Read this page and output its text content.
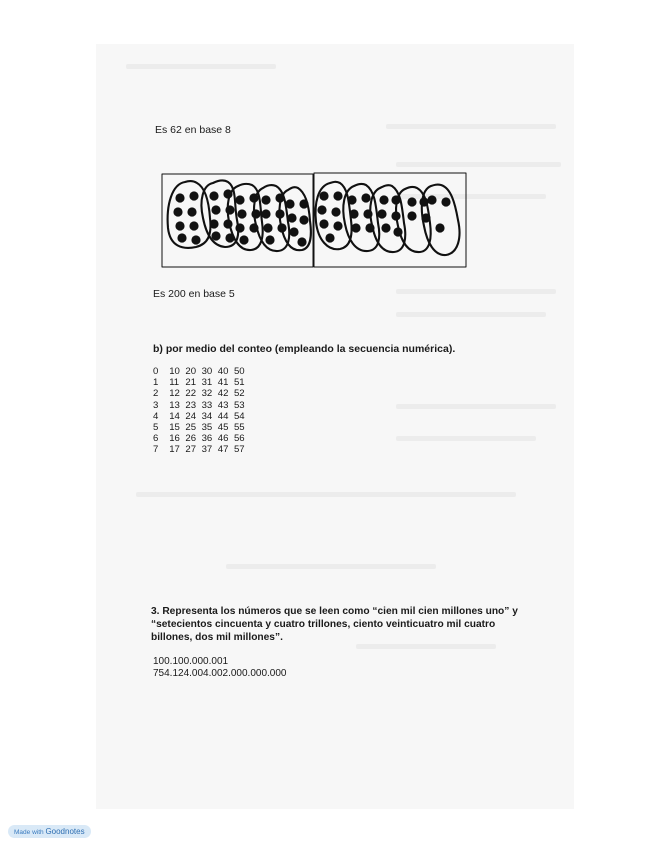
Es 62 en base 8
Es 200 en base 5
b) por medio del conteo (empleando la secuencia numérica).
0	10 20 30 40 50
1	11 21 31 41 51
2	12 22 32 42 52
3	13 23 33 43 53
4	14 24 34 44 54
5	15 25 35 45 55
6	16 26 36 46 56
7	17 27 37 47 57
3. Representa los números que se leen como “cien mil cien millones uno” y
“setecientos cincuenta y cuatro trillones, ciento veinticuatro mil cuatro
billones, dos mil millones”.
100.100.000.001
754.124.004.002.000.000.000
Made with Goodnotes
